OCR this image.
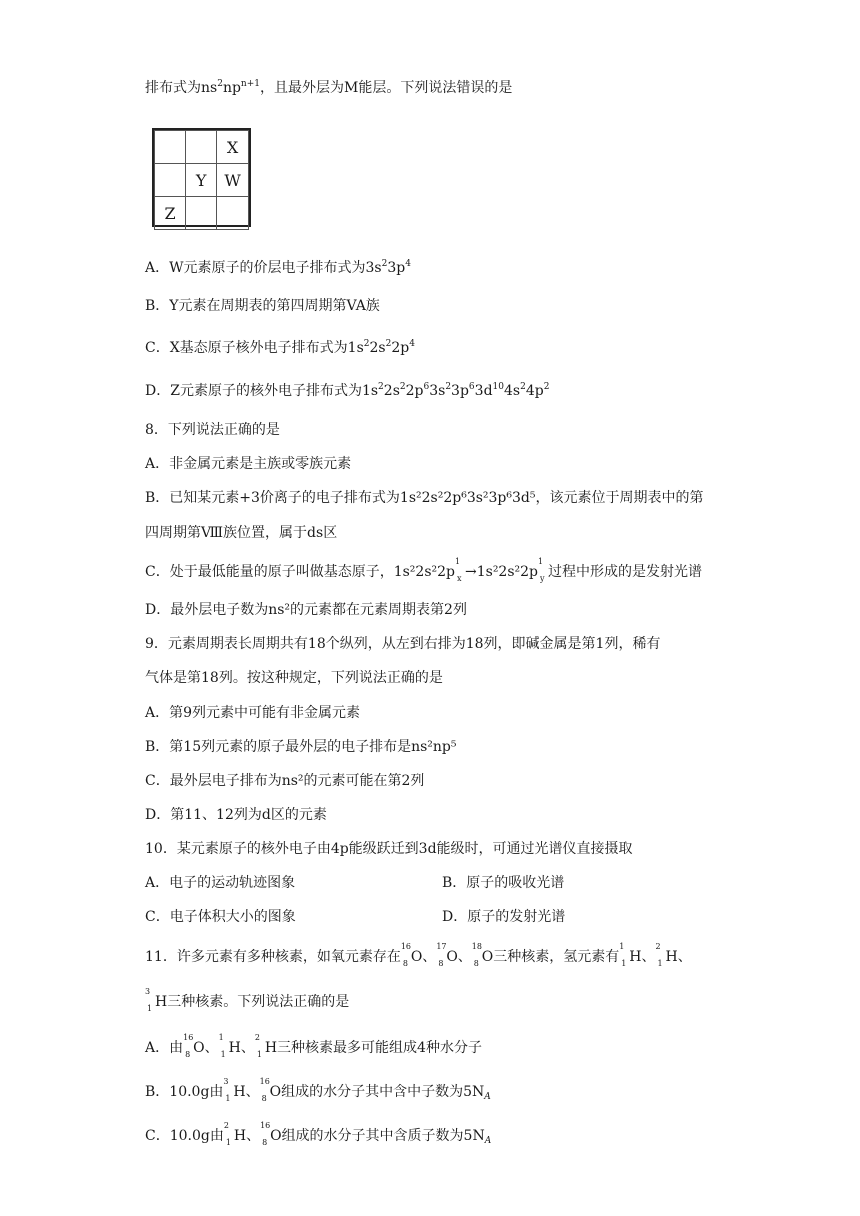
排布式为$ns^2np^{n+1}$，且最外层为M能层。下列说法错误的是
		X
	Y	W
Z		
A．W元素原子的价层电子排布式为$3s^23p^4$
B．Y元素在周期表的第四周期第VA族
C．X基态原子核外电子排布式为$1s^22s^22p^4$
D．Z元素原子的核外电子排布式为$1s^22s^22p^63s^23p^63d^{10}4s^24p^2$
8．下列说法正确的是
A．非金属元素是主族或零族元素
B．已知某元素+3价离子的电子排布式为1s²2s²2p⁶3s²3p⁶3d⁵，该元素位于周期表中的第
四周期第Ⅷ族位置，属于ds区
C．处于最低能量的原子叫做基态原子，1s²2s²2p
1
x →1s²2s²2p
1
y 过程中形成的是发射光谱
D．最外层电子数为ns²的元素都在元素周期表第2列
9．元素周期表长周期共有18个纵列，从左到右排为18列，即碱金属是第1列，稀有
气体是第18列。按这种规定，下列说法正确的是
A．第9列元素中可能有非金属元素
B．第15列元素的原子最外层的电子排布是ns²np⁵
C．最外层电子排布为ns²的元素可能在第2列
D．第11、12列为d区的元素
10．某元素原子的核外电子由4p能级跃迁到3d能级时，可通过光谱仪直接摄取
A．电子的运动轨迹图象	B．原子的吸收光谱
C．电子体积大小的图象	D．原子的发射光谱
11．许多元素有多种核素，如氧元素存在
16
8 O、
17
8 O、
18
8 O三种核素，氢元素有
1
1 H、
2
1 H、
3
1 H三种核素。下列说法正确的是
A．由
16
8 O、
1
1 H、
2
1 H三种核素最多可能组成4种水分子
B．10.0g由
3
1 H、
16
8 O组成的水分子其中含中子数为$5N_A$
C．10.0g由
2
1 H、
16
8 O组成的水分子其中含质子数为$5N_A$
